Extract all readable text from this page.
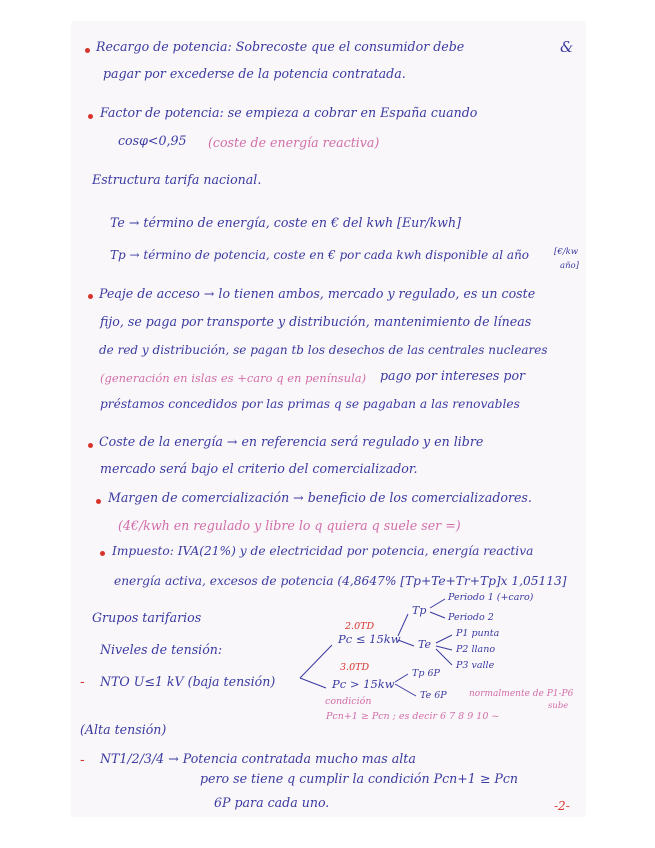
&
-2-
Recargo de potencia: Sobrecoste que el consumidor debe
pagar por excederse de la potencia contratada.
Factor de potencia: se empieza a cobrar en España cuando
cosφ<0,95 (coste de energía reactiva)
Estructura tarifa nacional.
Te → término de energía, coste en € del kwh [Eur/kwh]
Tp → término de potencia, coste en € por cada kwh disponible al año	[€/kw
año]
Peaje de acceso → lo tienen ambos, mercado y regulado, es un coste
fijo, se paga por transporte y distribución, mantenimiento de líneas
de red y distribución, se pagan tb los desechos de las centrales nucleares
(generación en islas es +caro q en península) pago por intereses por
préstamos concedidos por las primas q se pagaban a las renovables
Coste de la energía → en referencia será regulado y en libre
mercado será bajo el criterio del comercializador.
Margen de comercialización → beneficio de los comercializadores.
(4€/kwh en regulado y libre lo q quiera q suele ser =)
Impuesto: IVA(21%) y de electricidad por potencia, energía reactiva
energía activa, excesos de potencia (4,8647% [Tp+Te+Tr+Tp]x 1,05113]
Grupos tarifarios
Niveles de tensión:
- NTO U≤1 kV (baja tensión)
(Alta tensión)
- NT1/2/3/4 → Potencia contratada mucho mas alta
pero se tiene q cumplir la condición Pcn+1 ≥ Pcn
6P para cada uno.
2.0TD
Pc ≤ 15kw
3.0TD
Pc > 15kw
condición
Pcn+1 ≥ Pcn ; es decir 6 7 8 9 10 ~
Tp
Periodo 1 (+caro)
Periodo 2
Te
P1 punta
P2 llano
P3 valle
Tp 6P
Te 6P normalmente de P1-P6
sube
